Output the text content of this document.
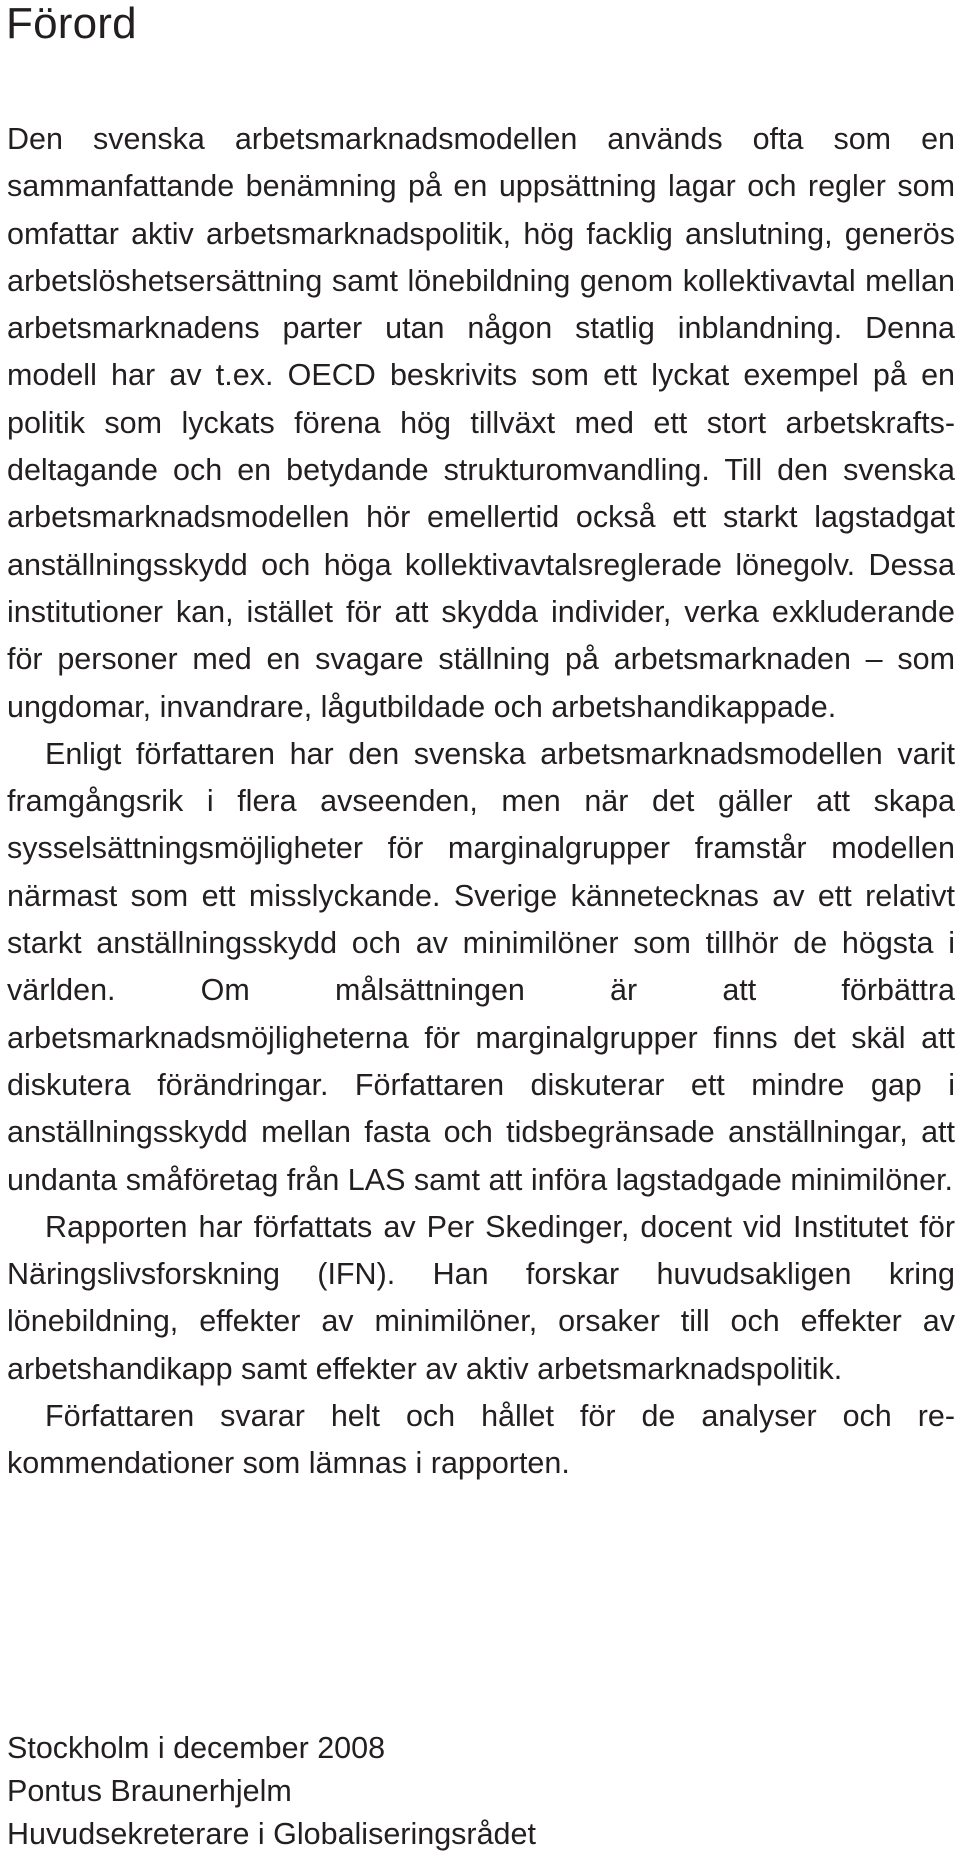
Förord

Den svenska arbetsmarknadsmodellen används ofta som en sammanfattande benämning på en uppsättning lagar och regler som omfattar aktiv arbetsmarknadspolitik, hög facklig anslutning, generös arbetslöshetsersättning samt lönebildning genom kollektivavtal mellan arbetsmarknadens parter utan någon statlig inblandning. Denna modell har av t.ex. OECD beskrivits som ett lyckat exempel på en politik som lyckats förena hög tillväxt med ett stort arbetskraftsdeltagande och en betydande strukturomvandling. Till den svenska arbetsmarknadsmodellen hör emellertid också ett starkt lagstadgat anställningsskydd och höga kollektivavtalsreglerade lönegolv. Dessa institutioner kan, istället för att skydda individer, verka exkluderande för personer med en svagare ställning på arbetsmarknaden – som ungdomar, invandrare, lågutbildade och arbetshandikappade.

Enligt författaren har den svenska arbetsmarknadsmodellen varit framgångsrik i flera avseenden, men när det gäller att skapa sysselsättningsmöjligheter för marginalgrupper framstår modellen närmast som ett misslyckande. Sverige kännetecknas av ett relativt starkt anställningsskydd och av minimilöner som tillhör de högsta i världen. Om målsättningen är att förbättra arbetsmarknadsmöjligheterna för marginalgrupper finns det skäl att diskutera förändringar. Författaren diskuterar ett mindre gap i anställningsskydd mellan fasta och tidsbegränsade anställningar, att undanta småföretag från LAS samt att införa lagstadgade minimilöner.

Rapporten har författats av Per Skedinger, docent vid Institutet för Näringslivsforskning (IFN). Han forskar huvudsakligen kring lönebildning, effekter av minimilöner, orsaker till och effekter av arbetshandikapp samt effekter av aktiv arbetsmarknadspolitik.

Författaren svarar helt och hållet för de analyser och rekommendationer som lämnas i rapporten.

Stockholm i december 2008
Pontus Braunerhjelm
Huvudsekreterare i Globaliseringsrådet
